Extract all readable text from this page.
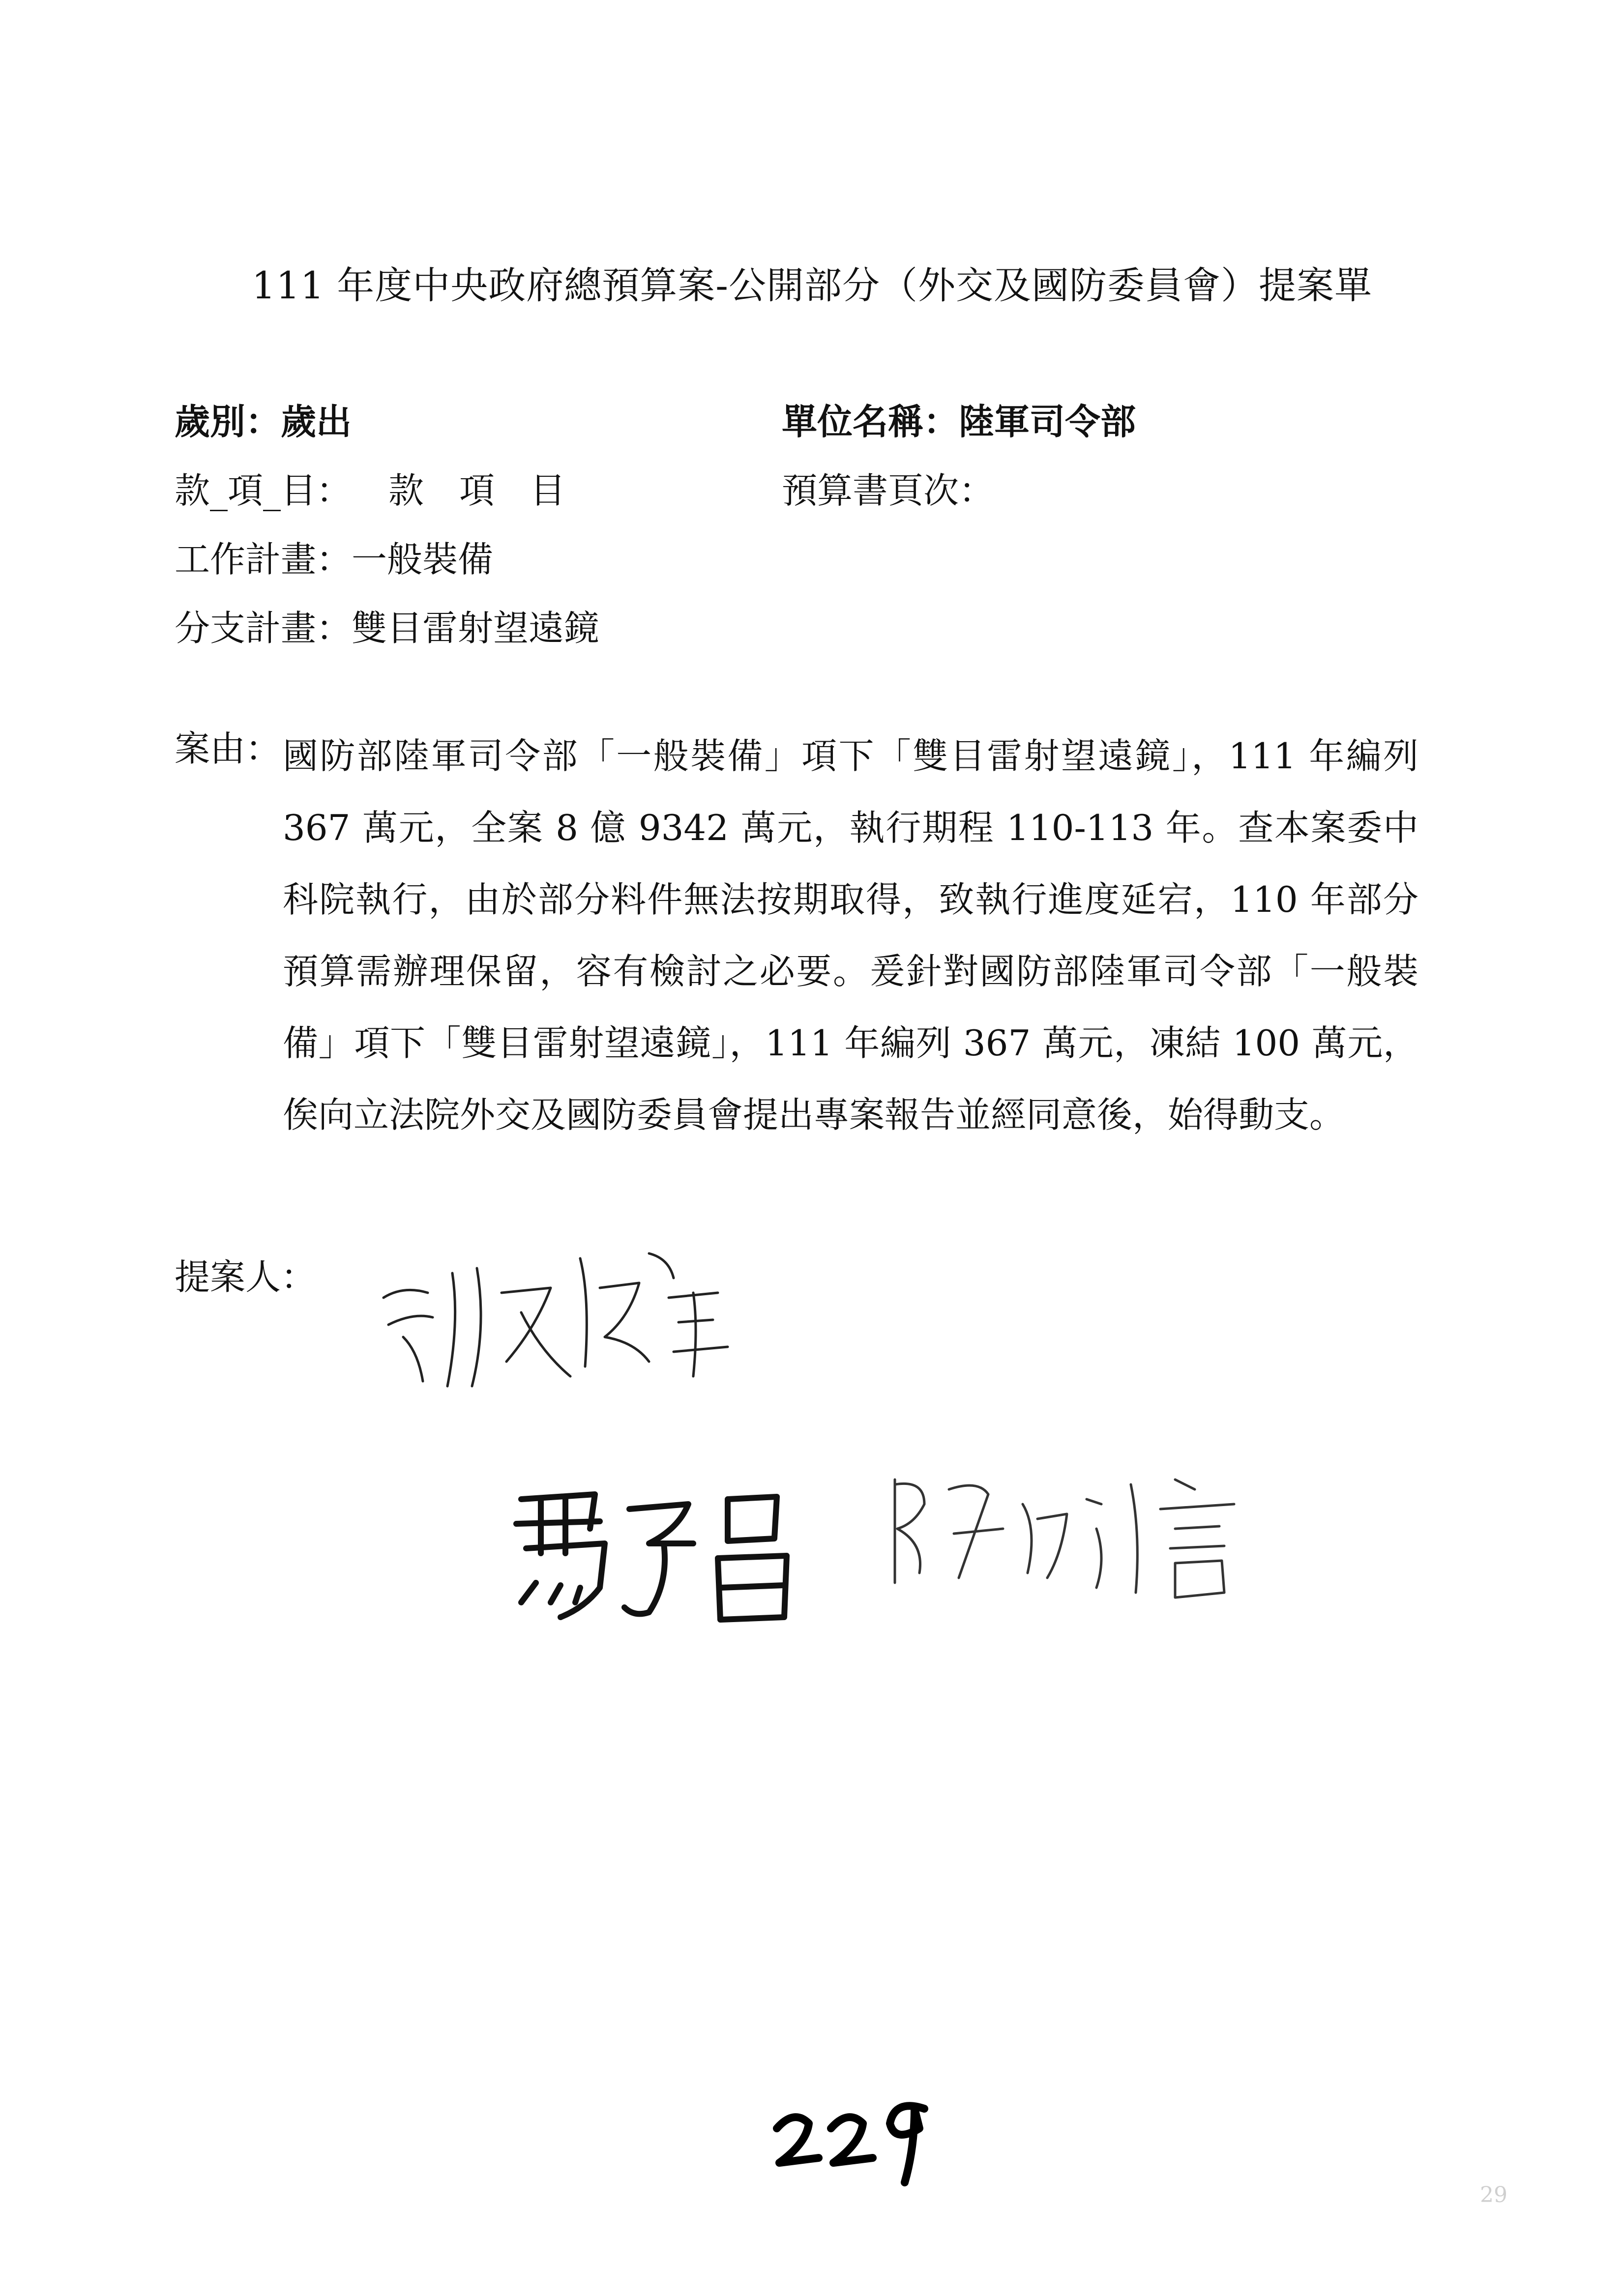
111 年度中央政府總預算案-公開部分（外交及國防委員會）提案單
歲別：歲出	單位名稱：陸軍司令部
款_項_目： 款　項　目	預算書頁次：
工作計畫：一般裝備
分支計畫：雙目雷射望遠鏡
案由： 國防部陸軍司令部「一般裝備」項下「雙目雷射望遠鏡」，111 年編列 367 萬元，全案 8 億 9342 萬元，執行期程 110-113 年。查本案委中科院執行，由於部分料件無法按期取得，致執行進度延宕，110 年部分預算需辦理保留，容有檢討之必要。爰針對國防部陸軍司令部「一般裝備」項下「雙目雷射望遠鏡」，111 年編列 367 萬元，凍結 100 萬元，俟向立法院外交及國防委員會提出專案報告並經同意後，始得動支。
提案人：
29
